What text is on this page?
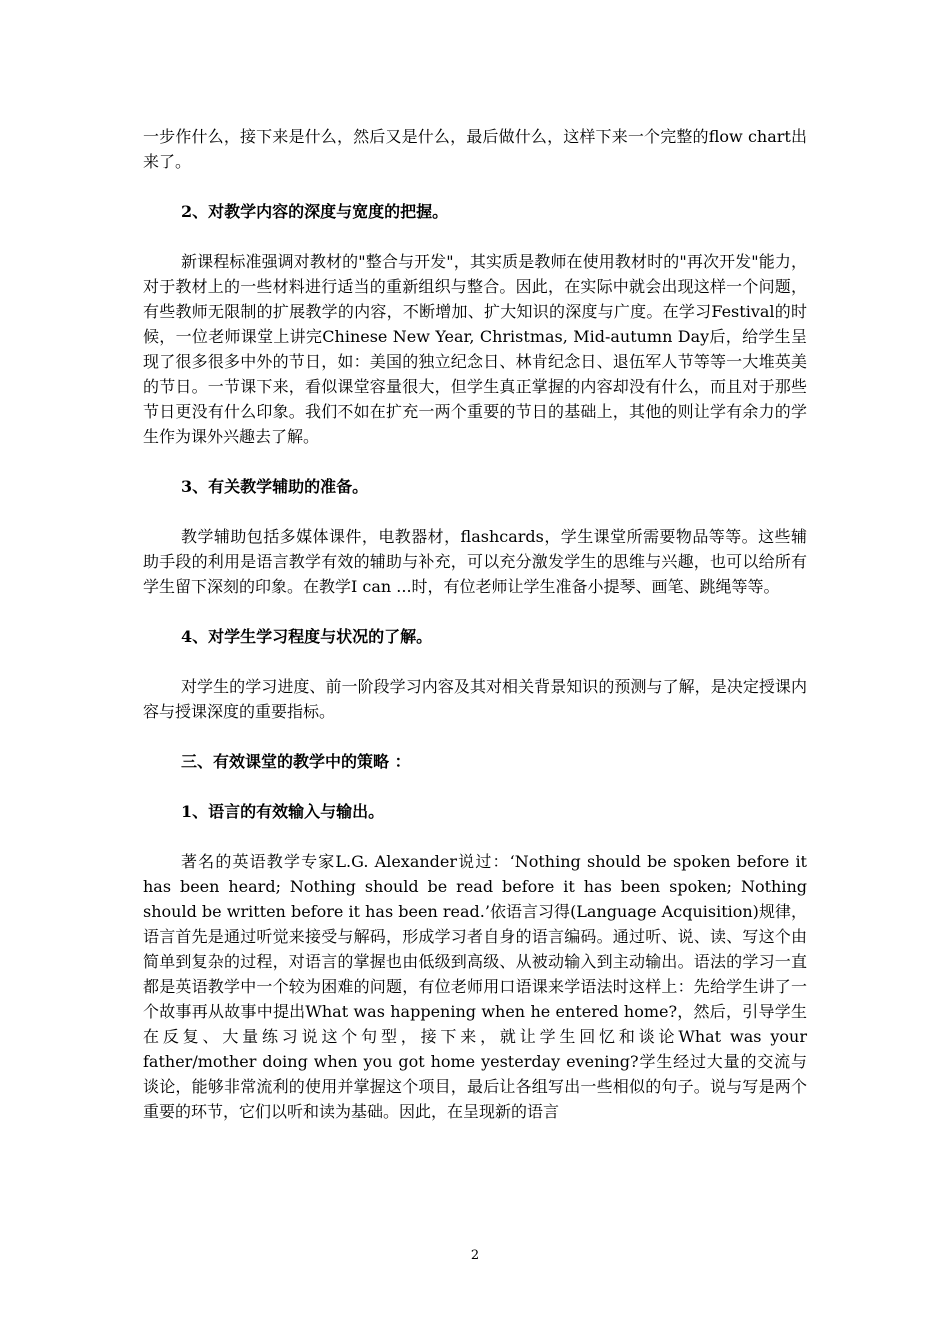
一步作什么，接下来是什么，然后又是什么，最后做什么，这样下来一个完整的flow chart出来了。

2、对教学内容的深度与宽度的把握。

新课程标准强调对教材的"整合与开发"，其实质是教师在使用教材时的"再次开发"能力，对于教材上的一些材料进行适当的重新组织与整合。因此，在实际中就会出现这样一个问题，有些教师无限制的扩展教学的内容，不断增加、扩大知识的深度与广度。在学习Festival的时候，一位老师课堂上讲完Chinese New Year, Christmas, Mid-autumn Day后，给学生呈现了很多很多中外的节日，如：美国的独立纪念日、林肯纪念日、退伍军人节等等一大堆英美的节日。一节课下来，看似课堂容量很大，但学生真正掌握的内容却没有什么，而且对于那些节日更没有什么印象。我们不如在扩充一两个重要的节日的基础上，其他的则让学有余力的学生作为课外兴趣去了解。

3、有关教学辅助的准备。

教学辅助包括多媒体课件，电教器材，flashcards，学生课堂所需要物品等等。这些辅助手段的利用是语言教学有效的辅助与补充，可以充分激发学生的思维与兴趣，也可以给所有学生留下深刻的印象。在教学I can ...时，有位老师让学生准备小提琴、画笔、跳绳等等。

4、对学生学习程度与状况的了解。

对学生的学习进度、前一阶段学习内容及其对相关背景知识的预测与了解，是决定授课内容与授课深度的重要指标。

三、有效课堂的教学中的策略 ：

1、语言的有效输入与输出。

著名的英语教学专家L.G. Alexander说过：‘Nothing should be spoken before it has been heard; Nothing should be read before it has been spoken; Nothing should be written before it has been read.’依语言习得(Language Acquisition)规律，语言首先是通过听觉来接受与解码，形成学习者自身的语言编码。通过听、说、读、写这个由简单到复杂的过程，对语言的掌握也由低级到高级、从被动输入到主动输出。语法的学习一直都是英语教学中一个较为困难的问题，有位老师用口语课来学语法时这样上：先给学生讲了一个故事再从故事中提出What was happening when he entered home?，然后，引导学生在反复、大量练习说这个句型，接下来，就让学生回忆和谈论What was your father/mother doing when you got home yesterday evening?学生经过大量的交流与谈论，能够非常流利的使用并掌握这个项目，最后让各组写出一些相似的句子。说与写是两个重要的环节，它们以听和读为基础。因此，在呈现新的语言

2
